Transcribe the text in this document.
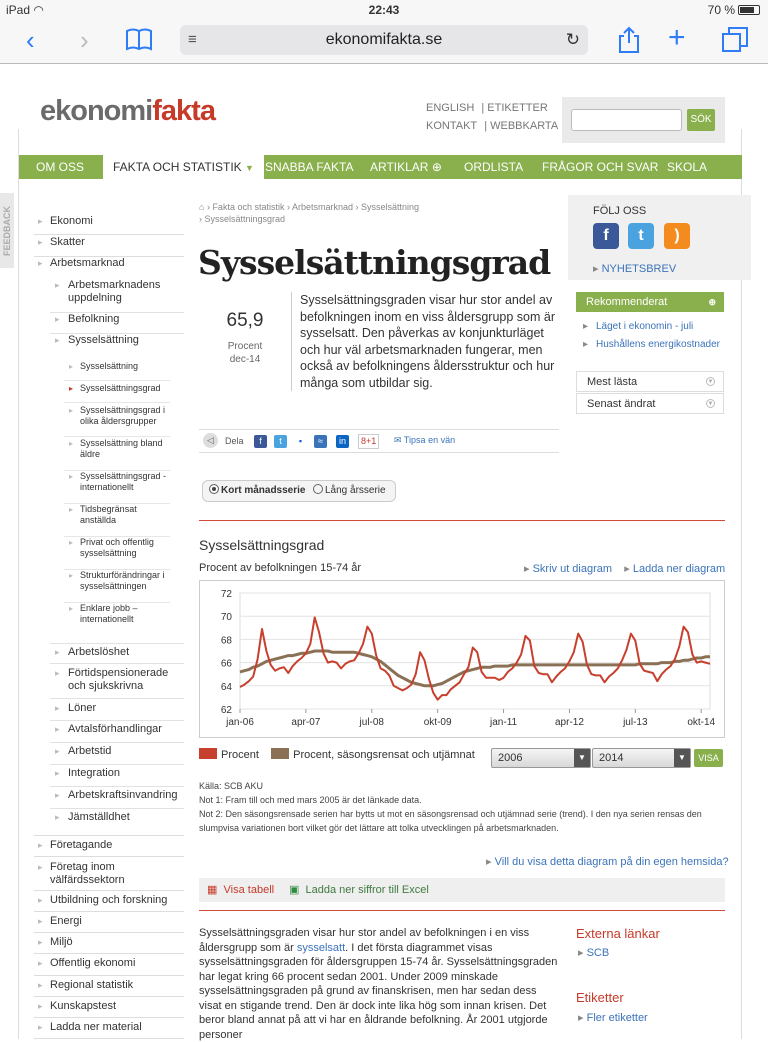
iPad ◠	22:43	70 %
‹ ›	≡	ekonomifakta.se	↻	+
ekonomifakta	ENGLISH | ETIKETTER
KONTAKT | WEBBKARTA
SÖK
OM OSS	FAKTA OCH STATISTIK ▼ SNABBA FAKTA ARTIKLAR ⊕ ORDLISTA FRÅGOR OCH SVAR SKOLA
FEEDBACK	▸ Ekonomi
▸ Skatter
▸ Arbetsmarknad
▸ Arbetsmarknadens uppdelning
▸ Befolkning
▸ Sysselsättning
▸ Sysselsättning
▸ Sysselsättningsgrad
▸ Sysselsättningsgrad i olika åldersgrupper
▸ Sysselsättning bland äldre
▸ Sysselsättningsgrad - internationellt
▸ Tidsbegränsat anställda
▸ Privat och offentlig sysselsättning
▸ Strukturförändringar i sysselsättningen
▸ Enklare jobb – internationellt
▸ Arbetslöshet
▸ Förtidspensionerade och sjukskrivna
▸ Löner
▸ Avtalsförhandlingar
▸ Arbetstid
▸ Integration
▸ Arbetskraftsinvandring
▸ Jämställdhet
▸ Företagande
▸ Företag inom välfärdssektorn
▸ Utbildning och forskning
▸ Energi
▸ Miljö
▸ Offentlig ekonomi
▸ Regional statistik
▸ Kunskapstest
▸ Ladda ner material
⌂ › Fakta och statistik › Arbetsmarknad › Sysselsättning
› Sysselsättningsgrad
Sysselsättningsgrad
65,9
Procent
dec-14
Sysselsättningsgraden visar hur stor andel av befolkningen inom en viss åldersgrupp som är sysselsatt. Den påverkas av konjunkturläget och hur väl arbetsmarknaden fungerar, men också av befolkningens åldersstruktur och hur många som utbildar sig.
◁	Dela	f	t	▪	≈	in	8+1	✉ Tipsa en vän
Kort månadsserie	Lång årsserie
Sysselsättningsgrad
Procent av befolkningen 15-74 år	▸ Skriv ut diagram ▸ Ladda ner diagram
62
64
66
68
70
72
jan-06	apr-07	jul-08	okt-09	jan-11	apr-12	jul-13	okt-14
Procent	Procent, säsongsrensat och utjämnat	2006	▼	2014	▼	VISA
Källa: SCB AKU
Not 1: Fram till och med mars 2005 är det länkade data.
Not 2: Den säsongsrensade serien har bytts ut mot en säsongsrensad och utjämnad serie (trend). I den nya serien rensas den slumpvisa variationen bort vilket gör det lättare att tolka utvecklingen på arbetsmarknaden.
▸ Vill du visa detta diagram på din egen hemsida?
▦ Visa tabell ▣ Ladda ner siffror till Excel
Sysselsättningsgraden visar hur stor andel av befolkningen i en viss åldersgrupp som är sysselsatt. I det första diagrammet visas sysselsättningsgraden för åldersgruppen 15-74 år. Sysselsättningsgraden har legat kring 66 procent sedan 2001. Under 2009 minskade sysselsättningsgraden på grund av finanskrisen, men har sedan dess visat en stigande trend. Den är dock inte lika hög som innan krisen. Det beror bland annat på att vi har en åldrande befolkning. År 2001 utgjorde personer
FÖLJ OSS
f	t	)
▸ NYHETSBREV
Rekommenderat	⊕
▸ Läget i ekonomin - juli
▸ Hushållens energikostnader
Mest lästa	▼
Senast ändrat	▼
Externa länkar
▸ SCB
Etiketter
▸ Fler etiketter
